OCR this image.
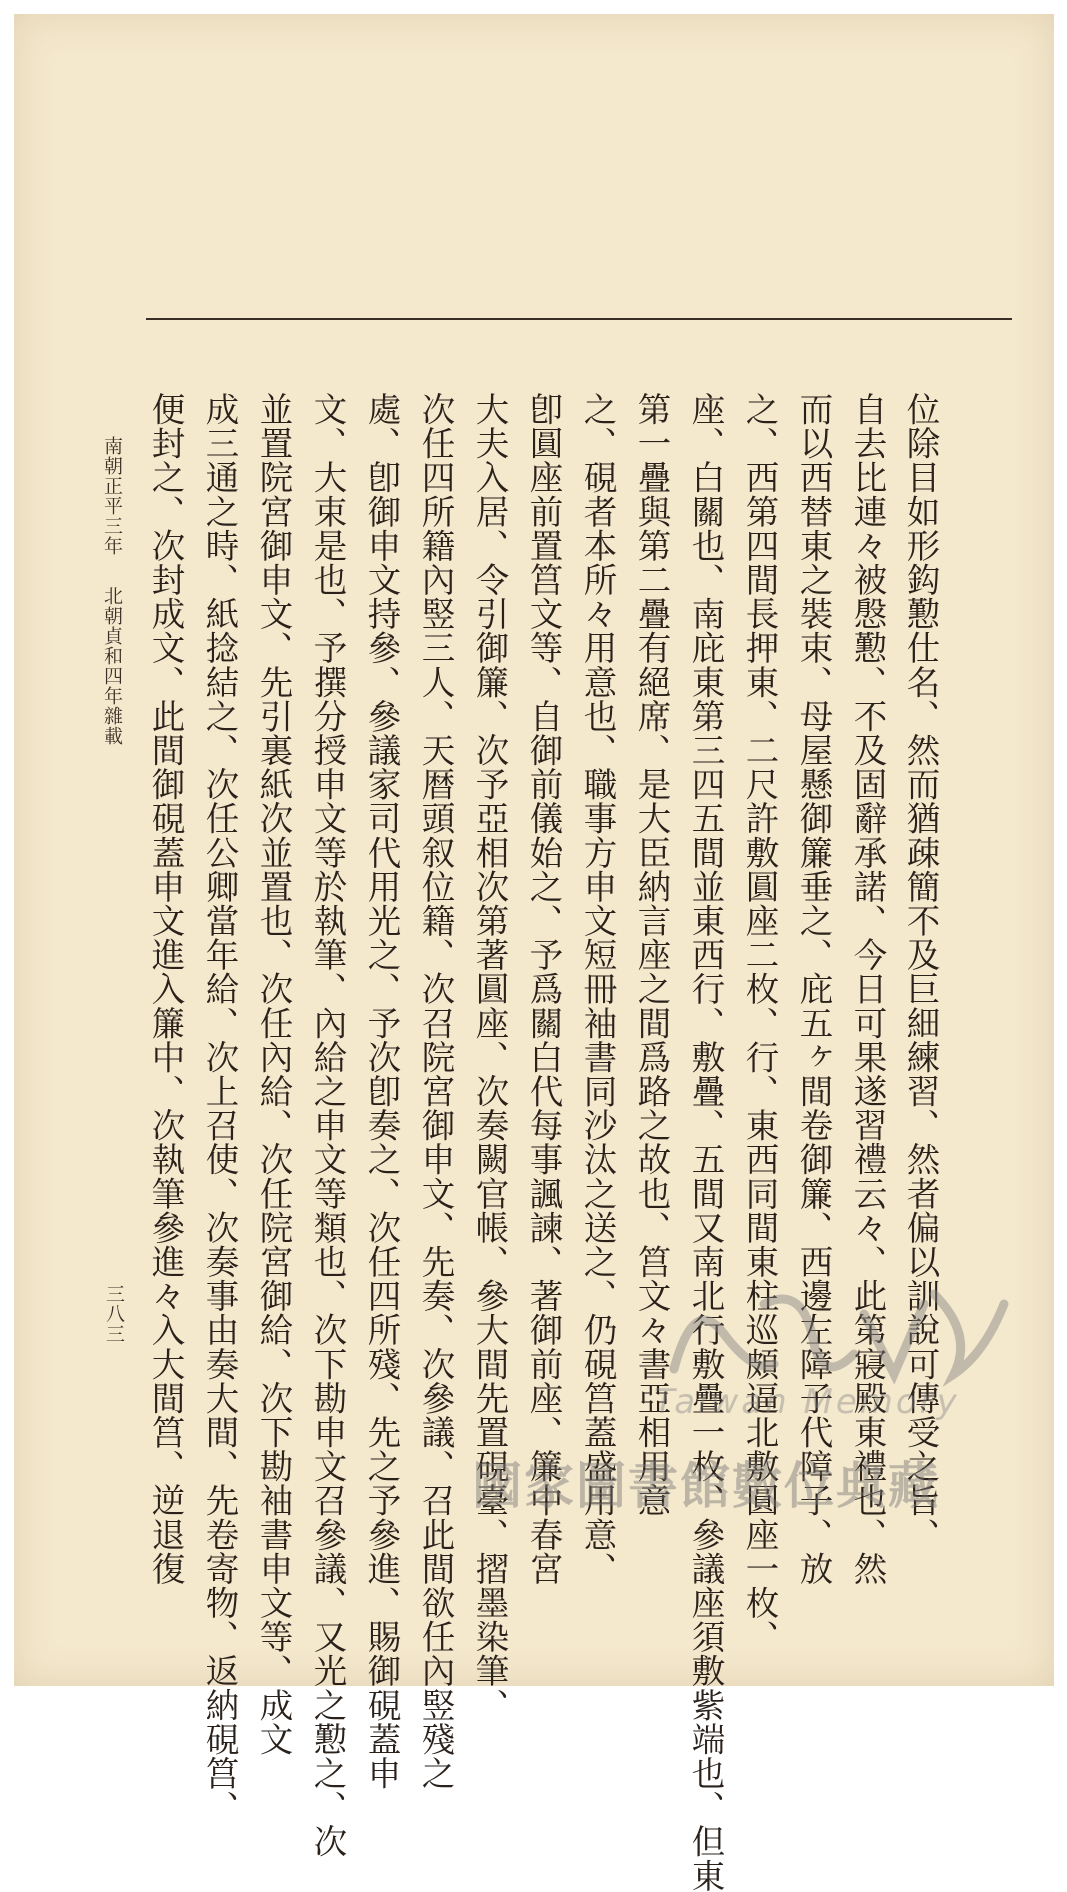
位除目如形鈎懃仕名、然而猶疎簡不及巨細練習、然者偏以訓說可傳受之旨、
自去比連々被慇懃、不及固辭承諾、今日可果遂習禮云々、此第寢殿東禮也、然
而以西替東之裝束、母屋懸御簾垂之、庇五ヶ間卷御簾、西邊左障子代障子、放
之、西第四間長押東、二尺許敷圓座二枚、行、東西同間東柱巡頗逼北敷圓座一枚、
座、白關也、南庇東第三四五間並東西行、敷疊、五間又南北行敷疊一枚、參議座須敷紫端也、但東
第一疊與第二疊有絕席、是大臣納言座之間爲路之故也、筥文々書亞相用意
之、硯者本所々用意也、職事方申文短冊袖書同沙汰之送之、仍硯筥蓋盛用意、
卽圓座前置筥文等、自御前儀始之、予爲關白代每事諷諫、著御前座、簾中春宮
大夫入居、令引御簾、次予亞相次第著圓座、次奏闕官帳、參大間先置硯臺、摺墨染筆、
次任四所籍內竪三人、天暦頭叙位籍、次召院宮御申文、先奏、次參議、召此間欲任內竪殘之
處、卽御申文持參、參議家司代用光之、予次卽奏之、次任四所殘、先之予參進、賜御硯蓋申
文、大束是也、予撰分授申文等於執筆、內給之申文等類也、次下勘申文召參議、又光之懃之、次
並置院宮御申文、先引裏紙次並置也、次任內給、次任院宮御給、次下勘袖書申文等、成文
成三通之時、紙捻結之、次任公卿當年給、次上召使、次奏事由奏大間、先卷寄物、返納硯筥、
便封之、次封成文、此間御硯蓋申文進入簾中、次執筆參進々入大間筥、逆退復
南朝正平三年北朝貞和四年雜載
三八三
Taiwan Memory
國家圖書館數位典藏
